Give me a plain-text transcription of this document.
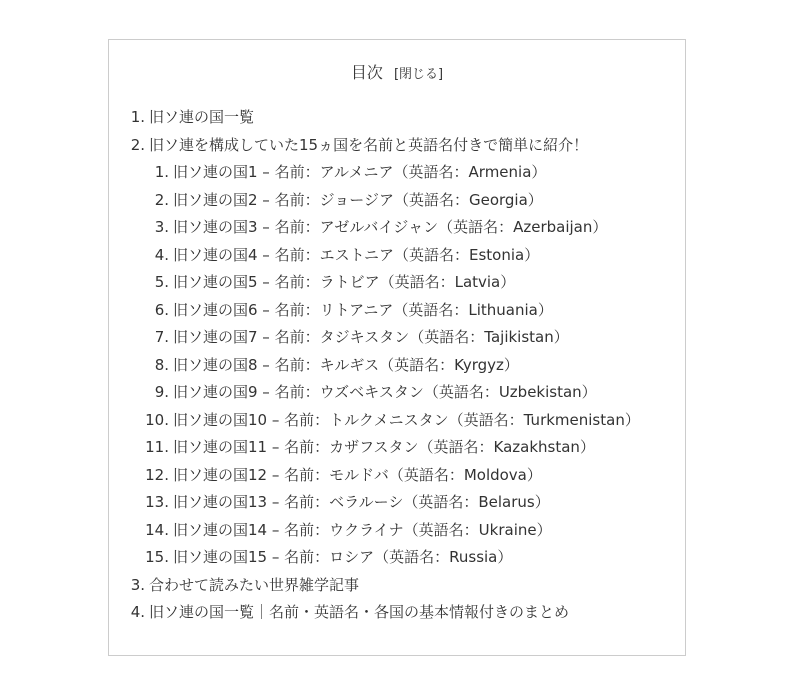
目次 [閉じる]
1. 旧ソ連の国一覧
2. 旧ソ連を構成していた15ヵ国を名前と英語名付きで簡単に紹介！
1. 旧ソ連の国1 – 名前：アルメニア（英語名：Armenia）
2. 旧ソ連の国2 – 名前：ジョージア（英語名：Georgia）
3. 旧ソ連の国3 – 名前：アゼルバイジャン（英語名：Azerbaijan）
4. 旧ソ連の国4 – 名前：エストニア（英語名：Estonia）
5. 旧ソ連の国5 – 名前：ラトビア（英語名：Latvia）
6. 旧ソ連の国6 – 名前：リトアニア（英語名：Lithuania）
7. 旧ソ連の国7 – 名前：タジキスタン（英語名：Tajikistan）
8. 旧ソ連の国8 – 名前：キルギス（英語名：Kyrgyz）
9. 旧ソ連の国9 – 名前：ウズベキスタン（英語名：Uzbekistan）
10. 旧ソ連の国10 – 名前：トルクメニスタン（英語名：Turkmenistan）
11. 旧ソ連の国11 – 名前：カザフスタン（英語名：Kazakhstan）
12. 旧ソ連の国12 – 名前：モルドバ（英語名：Moldova）
13. 旧ソ連の国13 – 名前：ベラルーシ（英語名：Belarus）
14. 旧ソ連の国14 – 名前：ウクライナ（英語名：Ukraine）
15. 旧ソ連の国15 – 名前：ロシア（英語名：Russia）
3. 合わせて読みたい世界雑学記事
4. 旧ソ連の国一覧｜名前・英語名・各国の基本情報付きのまとめ
